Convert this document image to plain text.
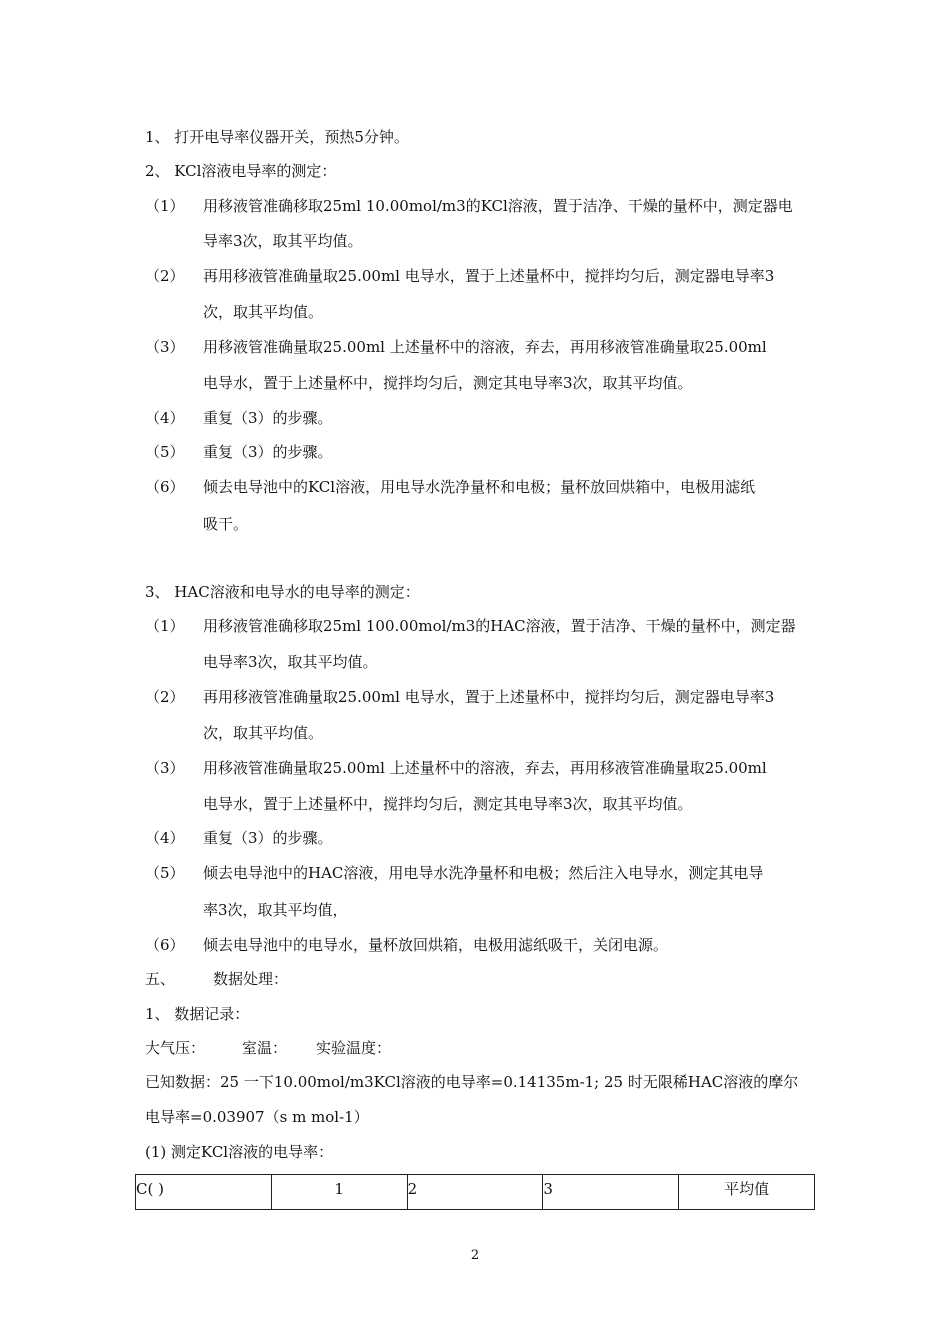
1、 打开电导率仪器开关，预热5分钟。
2、 KCl溶液电导率的测定：
（1） 用移液管准确移取25ml 10.00mol/m3的KCl溶液，置于洁净、干燥的量杯中，测定器电
导率3次，取其平均值。
（2） 再用移液管准确量取25.00ml 电导水，置于上述量杯中，搅拌均匀后，测定器电导率3
次，取其平均值。
（3） 用移液管准确量取25.00ml 上述量杯中的溶液，弃去，再用移液管准确量取25.00ml
电导水，置于上述量杯中，搅拌均匀后，测定其电导率3次，取其平均值。
（4） 重复（3）的步骤。
（5） 重复（3）的步骤。
（6） 倾去电导池中的KCl溶液，用电导水洗净量杯和电极；量杯放回烘箱中，电极用滤纸
吸干。
3、 HAC溶液和电导水的电导率的测定：
（1） 用移液管准确移取25ml 100.00mol/m3的HAC溶液，置于洁净、干燥的量杯中，测定器
电导率3次，取其平均值。
（2） 再用移液管准确量取25.00ml 电导水，置于上述量杯中，搅拌均匀后，测定器电导率3
次，取其平均值。
（3） 用移液管准确量取25.00ml 上述量杯中的溶液，弃去，再用移液管准确量取25.00ml
电导水，置于上述量杯中，搅拌均匀后，测定其电导率3次，取其平均值。
（4） 重复（3）的步骤。
（5） 倾去电导池中的HAC溶液，用电导水洗净量杯和电极；然后注入电导水，测定其电导
率3次，取其平均值，
（6） 倾去电导池中的电导水，量杯放回烘箱，电极用滤纸吸干，关闭电源。
五、	数据处理：
1、 数据记录：
大气压： 室温： 实验温度：
已知数据：25 一下10.00mol/m3KCl溶液的电导率=0.14135m-1; 25 时无限稀HAC溶液的摩尔
电导率=0.03907（s m mol-1）
(1) 测定KCl溶液的电导率：
C( )	1	2	3	平均值
2
